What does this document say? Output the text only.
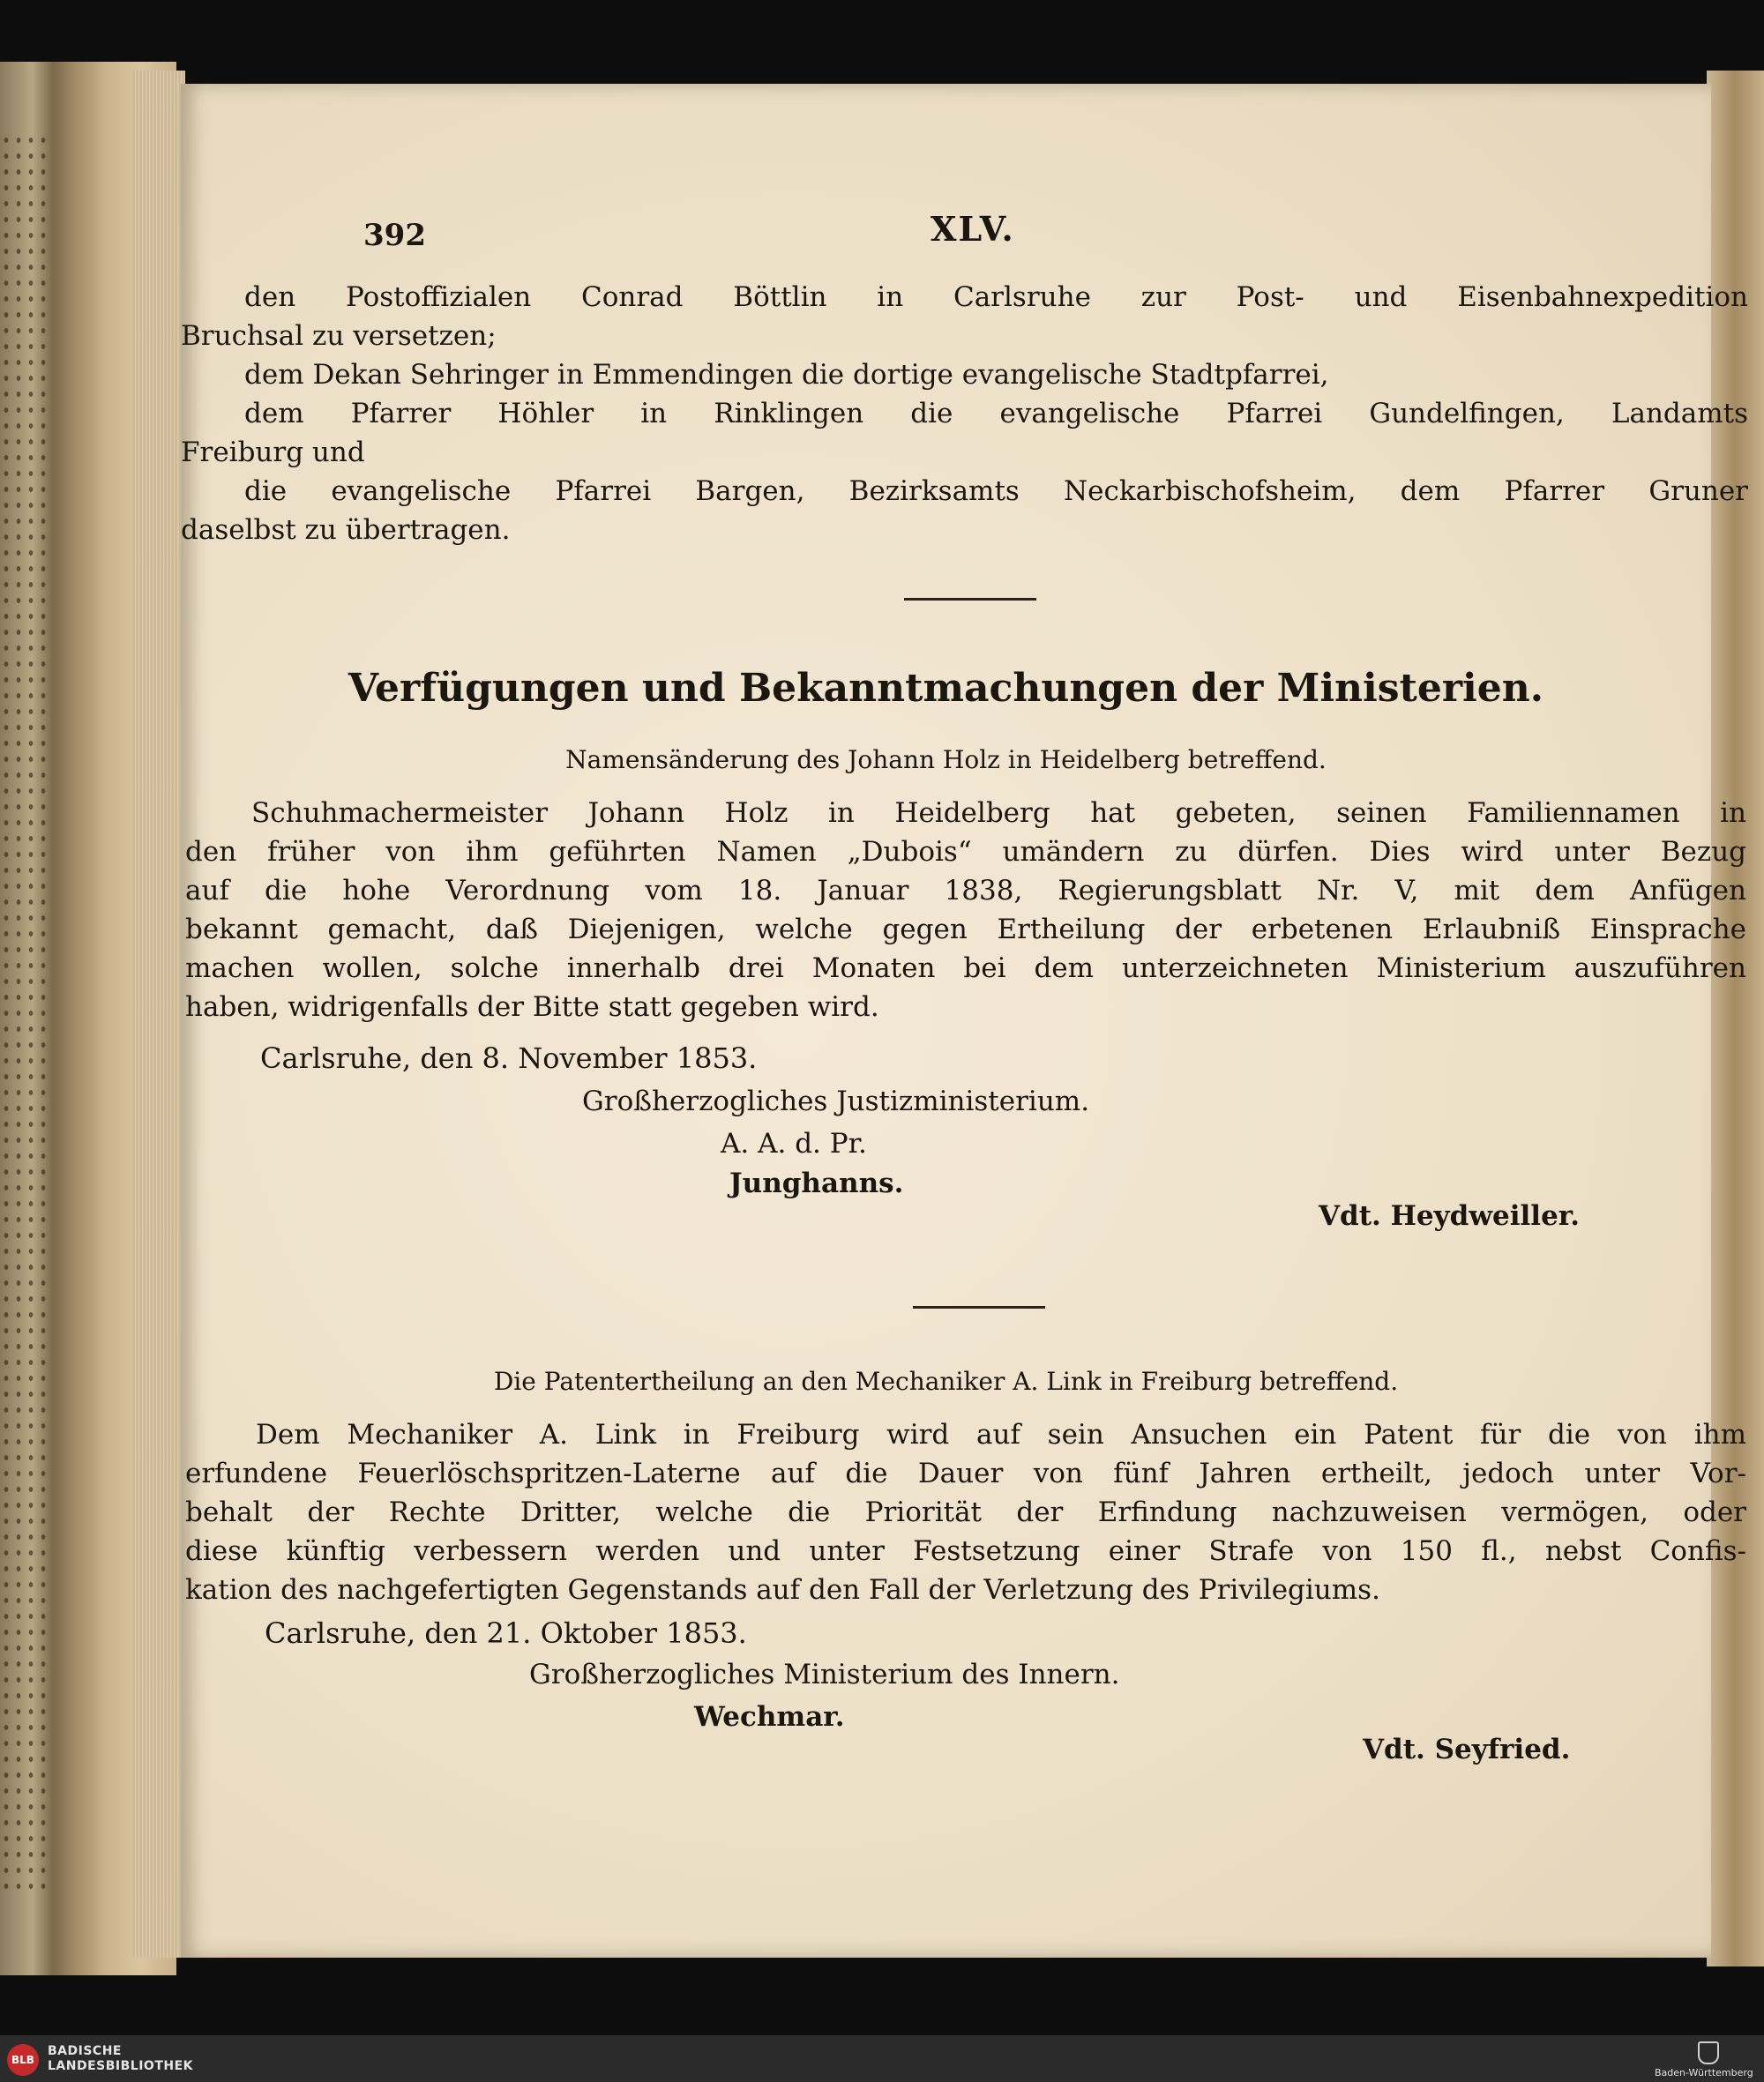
392	XLV.
den Postoffizialen Conrad Böttlin in Carlsruhe zur Post- und Eisenbahnexpedition
Bruchsal zu versetzen;
dem Dekan Sehringer in Emmendingen die dortige evangelische Stadtpfarrei,
dem Pfarrer Höhler in Rinklingen die evangelische Pfarrei Gundelfingen, Landamts
Freiburg und
die evangelische Pfarrei Bargen, Bezirksamts Neckarbischofsheim, dem Pfarrer Gruner
daselbst zu übertragen.
Verfügungen und Bekanntmachungen der Ministerien.
Namensänderung des Johann Holz in Heidelberg betreffend.
Schuhmachermeister Johann Holz in Heidelberg hat gebeten, seinen Familiennamen in
den früher von ihm geführten Namen „Dubois“ umändern zu dürfen. Dies wird unter Bezug
auf die hohe Verordnung vom 18. Januar 1838, Regierungsblatt Nr. V, mit dem Anfügen
bekannt gemacht, daß Diejenigen, welche gegen Ertheilung der erbetenen Erlaubniß Einsprache
machen wollen, solche innerhalb drei Monaten bei dem unterzeichneten Ministerium auszuführen
haben, widrigenfalls der Bitte statt gegeben wird.
Carlsruhe, den 8. November 1853.
Großherzogliches Justizministerium.
A. A. d. Pr.
Junghanns.
Vdt. Heydweiller.
Die Patentertheilung an den Mechaniker A. Link in Freiburg betreffend.
Dem Mechaniker A. Link in Freiburg wird auf sein Ansuchen ein Patent für die von ihm
erfundene Feuerlöschspritzen-Laterne auf die Dauer von fünf Jahren ertheilt, jedoch unter Vor-
behalt der Rechte Dritter, welche die Priorität der Erfindung nachzuweisen vermögen, oder
diese künftig verbessern werden und unter Festsetzung einer Strafe von 150 fl., nebst Confis-
kation des nachgefertigten Gegenstands auf den Fall der Verletzung des Privilegiums.
Carlsruhe, den 21. Oktober 1853.
Großherzogliches Ministerium des Innern.
Wechmar.
Vdt. Seyfried.
BLB
BADISCHE
LANDESBIBLIOTHEK	Baden-Württemberg
